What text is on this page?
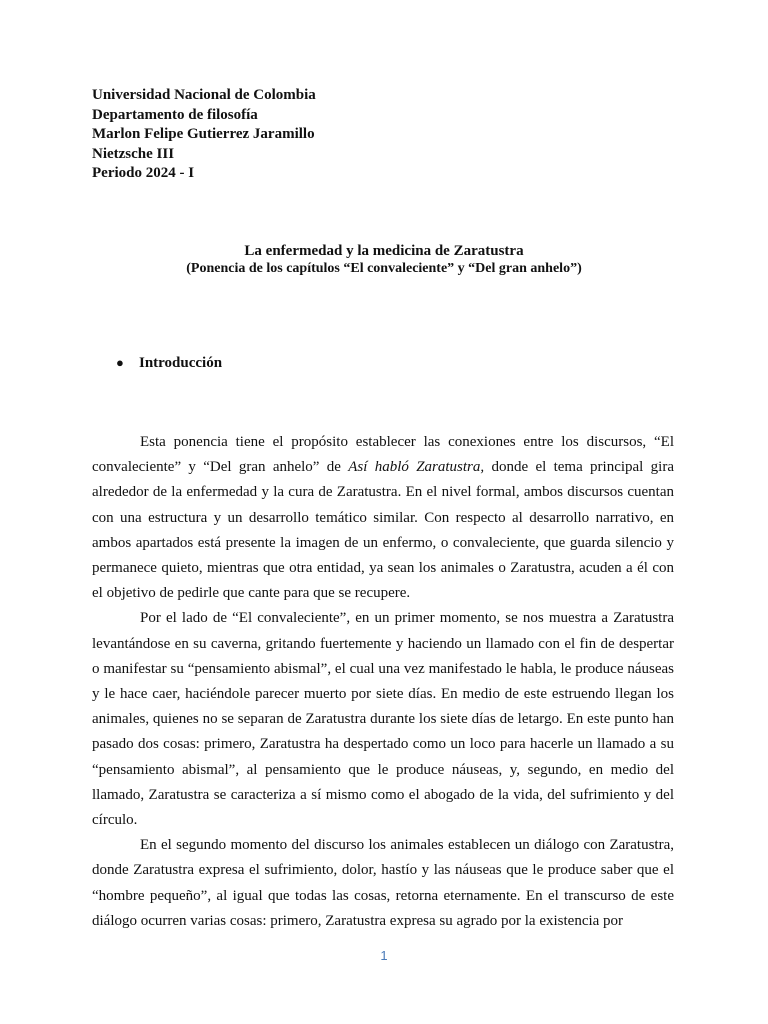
Universidad Nacional de Colombia
Departamento de filosofía
Marlon Felipe Gutierrez Jaramillo
Nietzsche III
Periodo 2024 - I
La enfermedad y la medicina de Zaratustra
(Ponencia de los capítulos “El convaleciente” y “Del gran anhelo”)
● Introducción

Esta ponencia tiene el propósito establecer las conexiones entre los discursos, “El convaleciente” y “Del gran anhelo” de Así habló Zaratustra, donde el tema principal gira alrededor de la enfermedad y la cura de Zaratustra. En el nivel formal, ambos discursos cuentan con una estructura y un desarrollo temático similar. Con respecto al desarrollo narrativo, en ambos apartados está presente la imagen de un enfermo, o convaleciente, que guarda silencio y permanece quieto, mientras que otra entidad, ya sean los animales o Zaratustra, acuden a él con el objetivo de pedirle que cante para que se recupere.

Por el lado de “El convaleciente”, en un primer momento, se nos muestra a Zaratustra levantándose en su caverna, gritando fuertemente y haciendo un llamado con el fin de despertar o manifestar su “pensamiento abismal”, el cual una vez manifestado le habla, le produce náuseas y le hace caer, haciéndole parecer muerto por siete días. En medio de este estruendo llegan los animales, quienes no se separan de Zaratustra durante los siete días de letargo. En este punto han pasado dos cosas: primero, Zaratustra ha despertado como un loco para hacerle un llamado a su “pensamiento abismal”, al pensamiento que le produce náuseas, y, segundo, en medio del llamado, Zaratustra se caracteriza a sí mismo como el abogado de la vida, del sufrimiento y del círculo.

En el segundo momento del discurso los animales establecen un diálogo con Zaratustra, donde Zaratustra expresa el sufrimiento, dolor, hastío y las náuseas que le produce saber que el “hombre pequeño”, al igual que todas las cosas, retorna eternamente. En el transcurso de este diálogo ocurren varias cosas: primero, Zaratustra expresa su agrado por la existencia por

1
